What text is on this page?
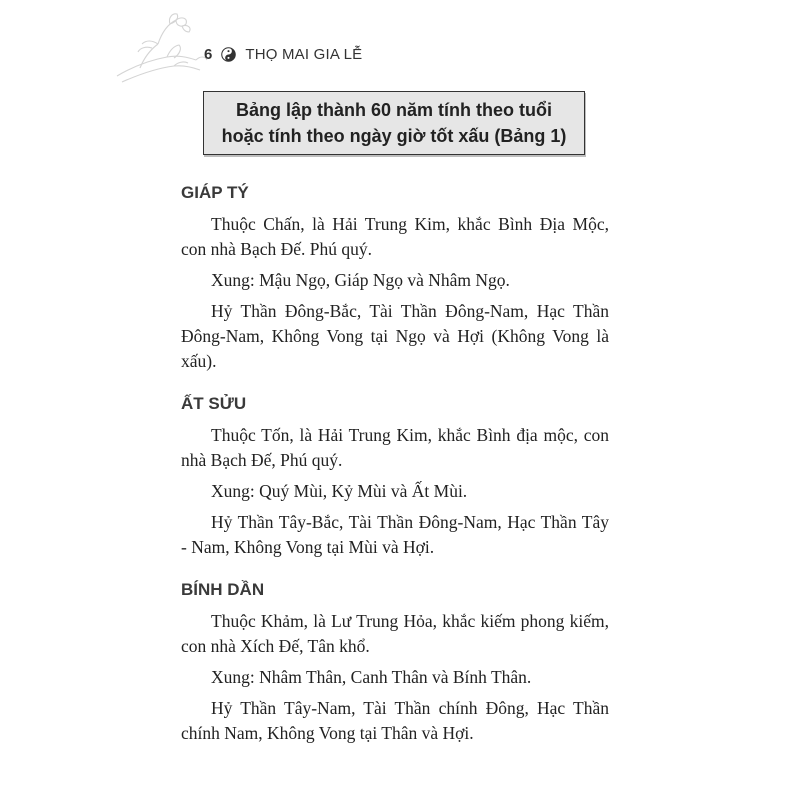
6 THỌ MAI GIA LỄ
Bảng lập thành 60 năm tính theo tuổi
hoặc tính theo ngày giờ tốt xấu (Bảng 1)
GIÁP TÝ

Thuộc Chấn, là Hải Trung Kim, khắc Bình Địa Mộc, con nhà Bạch Đế. Phú quý.

Xung: Mậu Ngọ, Giáp Ngọ và Nhâm Ngọ.

Hỷ Thần Đông-Bắc, Tài Thần Đông-Nam, Hạc Thần Đông-Nam, Không Vong tại Ngọ và Hợi (Không Vong là xấu).

ẤT SỬU

Thuộc Tốn, là Hải Trung Kim, khắc Bình địa mộc, con nhà Bạch Đế, Phú quý.

Xung: Quý Mùi, Kỷ Mùi và Ất Mùi.

Hỷ Thần Tây-Bắc, Tài Thần Đông-Nam, Hạc Thần Tây - Nam, Không Vong tại Mùi và Hợi.

BÍNH DẦN

Thuộc Khảm, là Lư Trung Hỏa, khắc kiếm phong kiếm, con nhà Xích Đế, Tân khổ.

Xung: Nhâm Thân, Canh Thân và Bính Thân.

Hỷ Thần Tây-Nam, Tài Thần chính Đông, Hạc Thần chính Nam, Không Vong tại Thân và Hợi.
